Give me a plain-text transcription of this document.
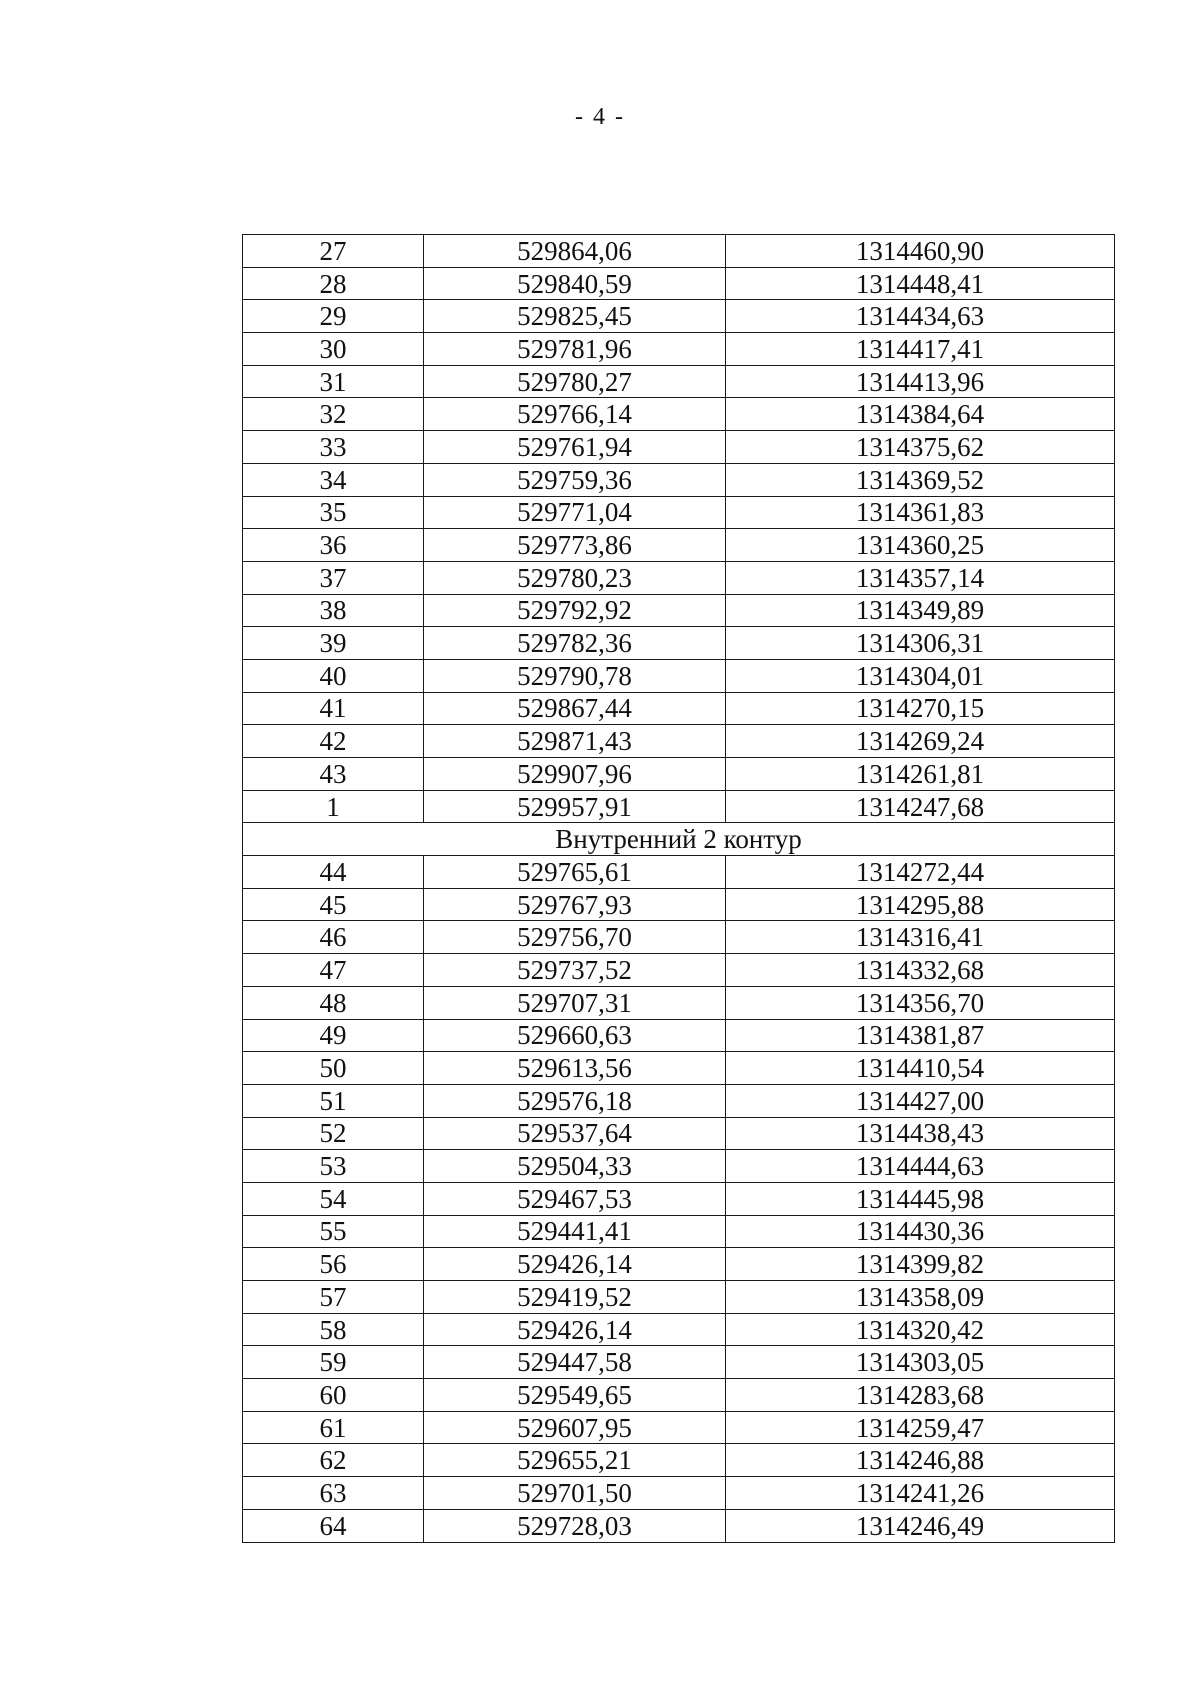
- 4 -
27	529864,06	1314460,90
28	529840,59	1314448,41
29	529825,45	1314434,63
30	529781,96	1314417,41
31	529780,27	1314413,96
32	529766,14	1314384,64
33	529761,94	1314375,62
34	529759,36	1314369,52
35	529771,04	1314361,83
36	529773,86	1314360,25
37	529780,23	1314357,14
38	529792,92	1314349,89
39	529782,36	1314306,31
40	529790,78	1314304,01
41	529867,44	1314270,15
42	529871,43	1314269,24
43	529907,96	1314261,81
1	529957,91	1314247,68
Внутренний 2 контур		
44	529765,61	1314272,44
45	529767,93	1314295,88
46	529756,70	1314316,41
47	529737,52	1314332,68
48	529707,31	1314356,70
49	529660,63	1314381,87
50	529613,56	1314410,54
51	529576,18	1314427,00
52	529537,64	1314438,43
53	529504,33	1314444,63
54	529467,53	1314445,98
55	529441,41	1314430,36
56	529426,14	1314399,82
57	529419,52	1314358,09
58	529426,14	1314320,42
59	529447,58	1314303,05
60	529549,65	1314283,68
61	529607,95	1314259,47
62	529655,21	1314246,88
63	529701,50	1314241,26
64	529728,03	1314246,49
